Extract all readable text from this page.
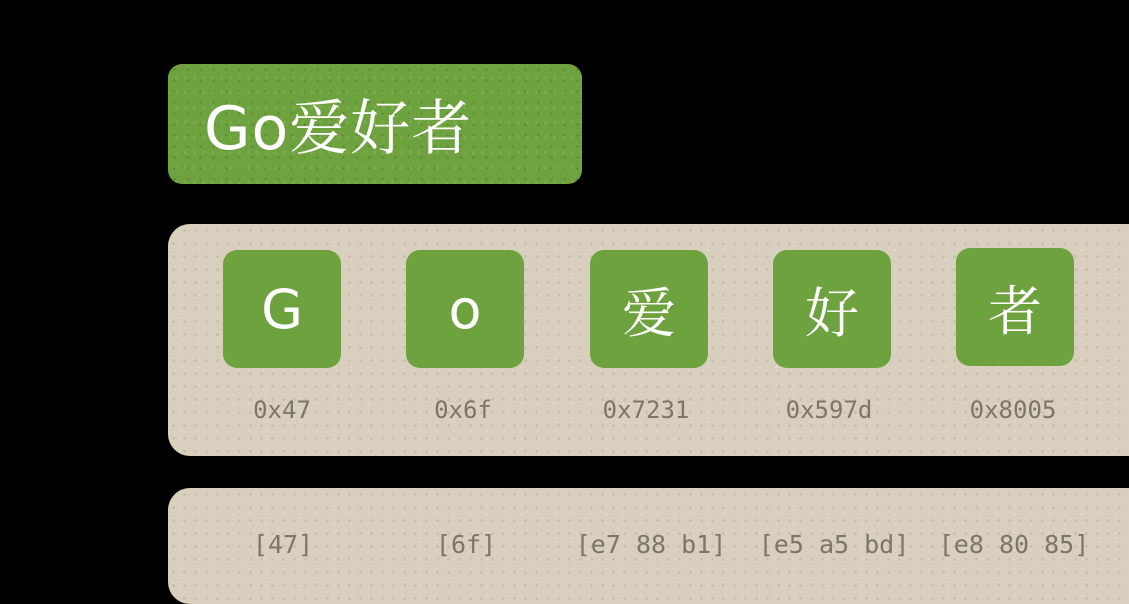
Go爱好者
G	o	爱 好 者
0x47	0x6f	0x7231	0x597d	0x8005
[47]	[6f]	[e7 88 b1]	[e5 a5 bd]	[e8 80 85]
